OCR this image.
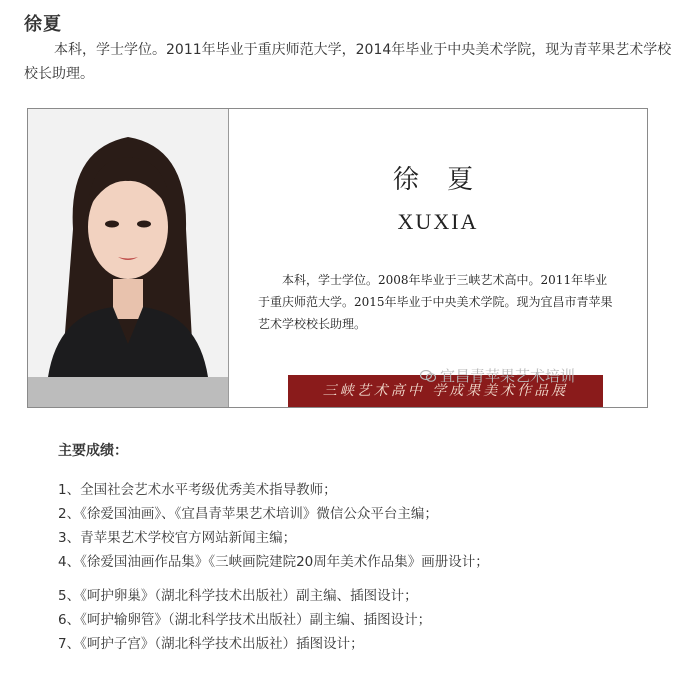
徐夏
本科，学士学位。2011年毕业于重庆师范大学，2014年毕业于中央美术学院，现为青苹果艺术学校校长助理。
徐 夏
XUXIA
本科，学士学位。2008年毕业于三峡艺术高中。2011年毕业于重庆师范大学。2015年毕业于中央美术学院。现为宜昌市青苹果艺术学校校长助理。
三峡艺术高中 学成果美术作品展
宜昌青苹果艺术培训
主要成绩：
1、全国社会艺术水平考级优秀美术指导教师；
2、《徐爱国油画》、《宜昌青苹果艺术培训》微信公众平台主编；
3、青苹果艺术学校官方网站新闻主编；
4、《徐爱国油画作品集》《三峡画院建院20周年美术作品集》画册设计；
5、《呵护卵巢》（湖北科学技术出版社）副主编、插图设计；
6、《呵护输卵管》（湖北科学技术出版社）副主编、插图设计；
7、《呵护子宫》（湖北科学技术出版社）插图设计；
